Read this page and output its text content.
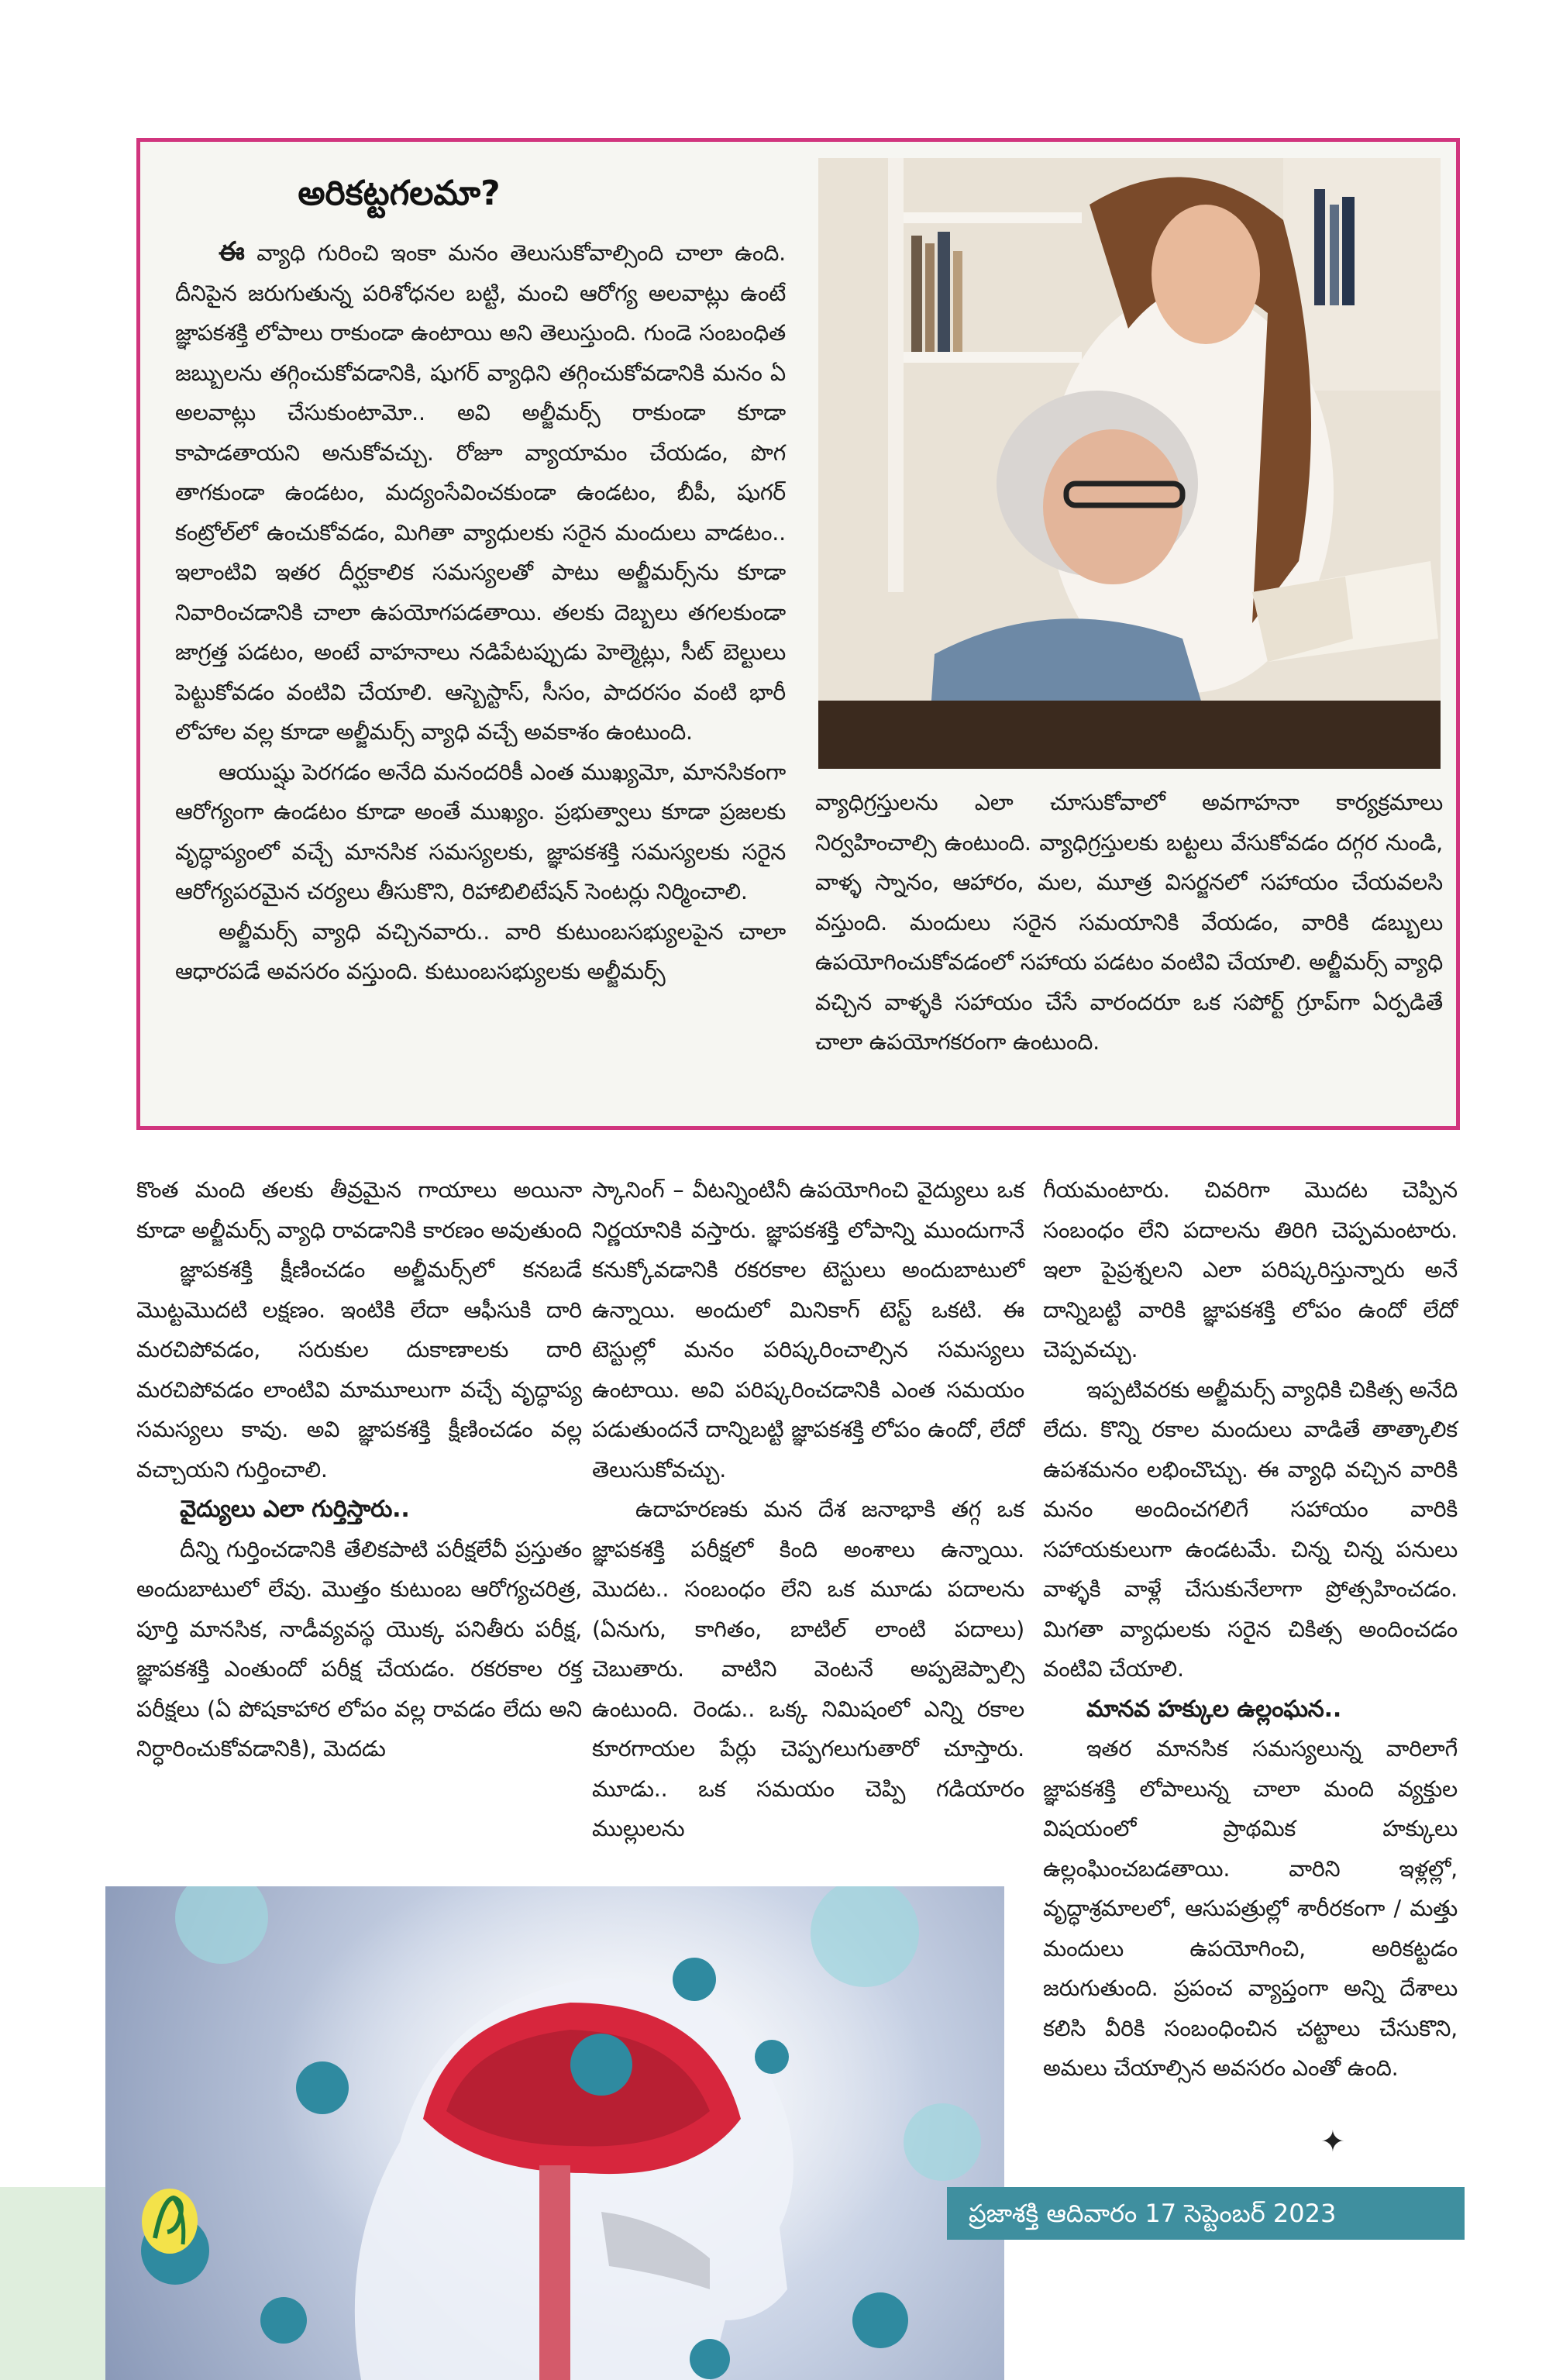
అరికట్టగలమా?

ఈ వ్యాధి గురించి ఇంకా మనం తెలుసుకోవాల్సింది చాలా ఉంది. దీనిపైన జరుగుతున్న పరిశోధనల బట్టి, మంచి ఆరోగ్య అలవాట్లు ఉంటే జ్ఞాపకశక్తి లోపాలు రాకుండా ఉంటాయి అని తెలుస్తుంది. గుండె సంబంధిత జబ్బులను తగ్గించుకోవడానికి, షుగర్‌ వ్యాధిని తగ్గించుకోవడానికి మనం ఏ అలవాట్లు చేసుకుంటామో.. అవి అల్జీమర్స్‌ రాకుండా కూడా కాపాడతాయని అనుకోవచ్చు. రోజూ వ్యాయామం చేయడం, పొగ తాగకుండా ఉండటం, మద్యంసేవించకుండా ఉండటం, బీపీ, షుగర్‌ కంట్రోల్‌లో ఉంచుకోవడం, మిగితా వ్యాధులకు సరైన మందులు వాడటం.. ఇలాంటివి ఇతర దీర్ఘకాలిక సమస్యలతో పాటు అల్జీమర్స్‌ను కూడా నివారించడానికి చాలా ఉపయోగపడతాయి. తలకు దెబ్బలు తగలకుండా జాగ్రత్త పడటం, అంటే వాహనాలు నడిపేటప్పుడు హెల్మెట్లు, సీట్‌ బెల్టులు పెట్టుకోవడం వంటివి చేయాలి. ఆస్బెస్టాస్‌, సీసం, పాదరసం వంటి భారీ లోహాల వల్ల కూడా అల్జీమర్స్‌ వ్యాధి వచ్చే అవకాశం ఉంటుంది.

ఆయుష్షు పెరగడం అనేది మనందరికీ ఎంత ముఖ్యమో, మానసికంగా ఆరోగ్యంగా ఉండటం కూడా అంతే ముఖ్యం. ప్రభుత్వాలు కూడా ప్రజలకు వృద్ధాప్యంలో వచ్చే మానసిక సమస్యలకు, జ్ఞాపకశక్తి సమస్యలకు సరైన ఆరోగ్యపరమైన చర్యలు తీసుకొని, రిహాబిలిటేషన్‌ సెంటర్లు నిర్మించాలి.

అల్జీమర్స్‌ వ్యాధి వచ్చినవారు.. వారి కుటుంబసభ్యులపైన చాలా ఆధారపడే అవసరం వస్తుంది. కుటుంబసభ్యులకు అల్జీమర్స్‌

వ్యాధిగ్రస్తులను ఎలా చూసుకోవాలో అవగాహనా కార్యక్రమాలు నిర్వహించాల్సి ఉంటుంది. వ్యాధిగ్రస్తులకు బట్టలు వేసుకోవడం దగ్గర నుండి, వాళ్ళ స్నానం, ఆహారం, మల, మూత్ర విసర్జనలో సహాయం చేయవలసి వస్తుంది. మందులు సరైన సమయానికి వేయడం, వారికి డబ్బులు ఉపయోగించుకోవడంలో సహాయ పడటం వంటివి చేయాలి. అల్జీమర్స్‌ వ్యాధి వచ్చిన వాళ్ళకి సహాయం చేసే వారందరూ ఒక సపోర్ట్‌ గ్రూప్‌గా ఏర్పడితే చాలా ఉపయోగకరంగా ఉంటుంది.

కొంత మంది తలకు తీవ్రమైన గాయాలు అయినా కూడా అల్జీమర్స్‌ వ్యాధి రావడానికి కారణం అవుతుంది

జ్ఞాపకశక్తి క్షీణించడం అల్జీమర్స్‌లో కనబడే మొట్టమొదటి లక్షణం. ఇంటికి లేదా ఆఫీసుకి దారి మరచిపోవడం, సరుకుల దుకాణాలకు దారి మరచిపోవడం లాంటివి మామూలుగా వచ్చే వృద్ధాప్య సమస్యలు కావు. అవి జ్ఞాపకశక్తి క్షీణించడం వల్ల వచ్చాయని గుర్తించాలి.

వైద్యులు ఎలా గుర్తిస్తారు..

దీన్ని గుర్తించడానికి తేలికపాటి పరీక్షలేవీ ప్రస్తుతం అందుబాటులో లేవు. మొత్తం కుటుంబ ఆరోగ్యచరిత్ర, పూర్తి మానసిక, నాడీవ్యవస్థ యొక్క పనితీరు పరీక్ష, జ్ఞాపకశక్తి ఎంతుందో పరీక్ష చేయడం. రకరకాల రక్త పరీక్షలు (ఏ పోషకాహార లోపం వల్ల రావడం లేదు అని నిర్ధారించుకోవడానికి), మెదడు

స్కానింగ్‌ – వీటన్నింటినీ ఉపయోగించి వైద్యులు ఒక నిర్ణయానికి వస్తారు. జ్ఞాపకశక్తి లోపాన్ని ముందుగానే కనుక్కోవడానికి రకరకాల టెస్టులు అందుబాటులో ఉన్నాయి. అందులో మినికాగ్‌ టెస్ట్‌ ఒకటి. ఈ టెస్టుల్లో మనం పరిష్కరించాల్సిన సమస్యలు ఉంటాయి. అవి పరిష్కరించడానికి ఎంత సమయం పడుతుందనే దాన్నిబట్టి జ్ఞాపకశక్తి లోపం ఉందో, లేదో తెలుసుకోవచ్చు.

ఉదాహరణకు మన దేశ జనాభాకి తగ్గ ఒక జ్ఞాపకశక్తి పరీక్షలో కింది అంశాలు ఉన్నాయి. మొదట.. సంబంధం లేని ఒక మూడు పదాలను (ఏనుగు, కాగితం, బాటిల్‌ లాంటి పదాలు) చెబుతారు. వాటిని వెంటనే అప్పజెప్పాల్సి ఉంటుంది. రెండు.. ఒక్క నిమిషంలో ఎన్ని రకాల కూరగాయల పేర్లు చెప్పగలుగుతారో చూస్తారు. మూడు.. ఒక సమయం చెప్పి గడియారం ముల్లులను

గీయమంటారు. చివరిగా మొదట చెప్పిన సంబంధం లేని పదాలను తిరిగి చెప్పమంటారు. ఇలా పైప్రశ్నలని ఎలా పరిష్కరిస్తున్నారు అనే దాన్నిబట్టి వారికి జ్ఞాపకశక్తి లోపం ఉందో లేదో చెప్పవచ్చు.

ఇప్పటివరకు అల్జీమర్స్‌ వ్యాధికి చికిత్స అనేది లేదు. కొన్ని రకాల మందులు వాడితే తాత్కాలిక ఉపశమనం లభించొచ్చు. ఈ వ్యాధి వచ్చిన వారికి మనం అందించగలిగే సహాయం వారికి సహాయకులుగా ఉండటమే. చిన్న చిన్న పనులు వాళ్ళకి వాళ్లే చేసుకునేలాగా ప్రోత్సహించడం. మిగతా వ్యాధులకు సరైన చికిత్స అందించడం వంటివి చేయాలి.

మానవ హక్కుల ఉల్లంఘన..

ఇతర మానసిక సమస్యలున్న వారిలాగే జ్ఞాపకశక్తి లోపాలున్న చాలా మంది వ్యక్తుల విషయంలో ప్రాథమిక హక్కులు ఉల్లంఘించబడతాయి. వారిని ఇళ్లల్లో, వృద్ధాశ్రమాలలో, ఆసుపత్రుల్లో శారీరకంగా / మత్తు మందులు ఉపయోగించి, అరికట్టడం జరుగుతుంది. ప్రపంచ వ్యాప్తంగా అన్ని దేశాలు కలిసి వీరికి సంబంధించిన చట్టాలు చేసుకొని, అమలు చేయాల్సిన అవసరం ఎంతో ఉంది.

✦
ప్రజాశక్తి ఆదివారం 17 సెప్టెంబర్‌ 2023
